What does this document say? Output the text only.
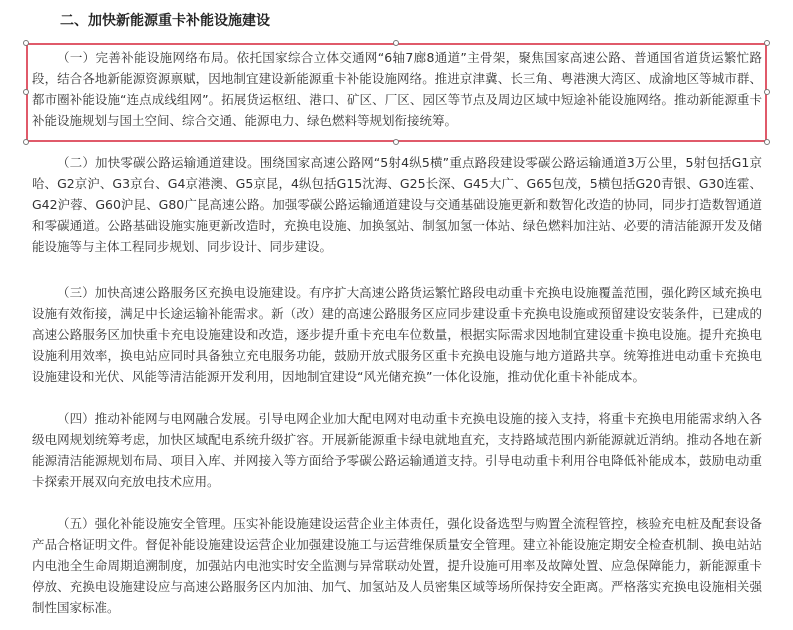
二、加快新能源重卡补能设施建设

（一）完善补能设施网络布局。依托国家综合立体交通网“6轴7廊8通道”主骨架，聚焦国家高速公路、普通国省道货运繁忙路段，结合各地新能源资源禀赋，因地制宜建设新能源重卡补能设施网络。推进京津冀、长三角、粤港澳大湾区、成渝地区等城市群、都市圈补能设施“连点成线组网”。拓展货运枢纽、港口、矿区、厂区、园区等节点及周边区域中短途补能设施网络。推动新能源重卡补能设施规划与国土空间、综合交通、能源电力、绿色燃料等规划衔接统筹。

（二）加快零碳公路运输通道建设。围绕国家高速公路网“5射4纵5横”重点路段建设零碳公路运输通道3万公里，5射包括G1京哈、G2京沪、G3京台、G4京港澳、G5京昆，4纵包括G15沈海、G25长深、G45大广、G65包茂，5横包括G20青银、G30连霍、G42沪蓉、G60沪昆、G80广昆高速公路。加强零碳公路运输通道建设与交通基础设施更新和数智化改造的协同，同步打造数智通道和零碳通道。公路基础设施实施更新改造时，充换电设施、加换氢站、制氢加氢一体站、绿色燃料加注站、必要的清洁能源开发及储能设施等与主体工程同步规划、同步设计、同步建设。

（三）加快高速公路服务区充换电设施建设。有序扩大高速公路货运繁忙路段电动重卡充换电设施覆盖范围，强化跨区域充换电设施有效衔接，满足中长途运输补能需求。新（改）建的高速公路服务区应同步建设重卡充换电设施或预留建设安装条件，已建成的高速公路服务区加快重卡充电设施建设和改造，逐步提升重卡充电车位数量，根据实际需求因地制宜建设重卡换电设施。提升充换电设施利用效率，换电站应同时具备独立充电服务功能，鼓励开放式服务区重卡充换电设施与地方道路共享。统筹推进电动重卡充换电设施建设和光伏、风能等清洁能源开发利用，因地制宜建设“风光储充换”一体化设施，推动优化重卡补能成本。

（四）推动补能网与电网融合发展。引导电网企业加大配电网对电动重卡充换电设施的接入支持，将重卡充换电用能需求纳入各级电网规划统筹考虑，加快区域配电系统升级扩容。开展新能源重卡绿电就地直充，支持路域范围内新能源就近消纳。推动各地在新能源清洁能源规划布局、项目入库、并网接入等方面给予零碳公路运输通道支持。引导电动重卡利用谷电降低补能成本，鼓励电动重卡探索开展双向充放电技术应用。

（五）强化补能设施安全管理。压实补能设施建设运营企业主体责任，强化设备选型与购置全流程管控，核验充电桩及配套设备产品合格证明文件。督促补能设施建设运营企业加强建设施工与运营维保质量安全管理。建立补能设施定期安全检查机制、换电站站内电池全生命周期追溯制度，加强站内电池实时安全监测与异常联动处置，提升设施可用率及故障处置、应急保障能力，新能源重卡停放、充换电设施建设应与高速公路服务区内加油、加气、加氢站及人员密集区域等场所保持安全距离。严格落实充换电设施相关强制性国家标准。
